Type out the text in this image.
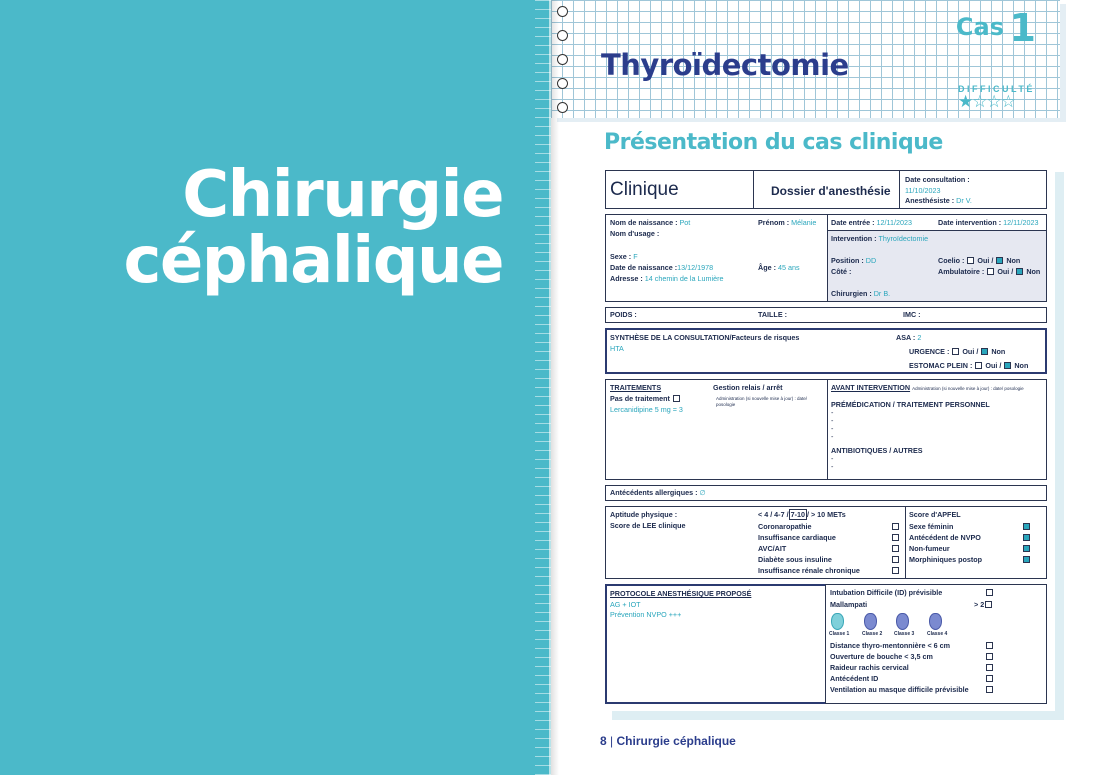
Chirurgie
céphalique
Cas 1
Thyroïdectomie
DIFFICULTÉ
★☆☆☆
Présentation du cas clinique
Clinique	Dossier d'anesthésie
Date consultation :
11/10/2023
Anesthésiste : Dr V.
Nom de naissance : Pot	Prénom : Mélanie
Nom d'usage :
Sexe : F
Date de naissance :13/12/1978	Âge : 45 ans
Adresse : 14 chemin de la Lumière
Date entrée : 12/11/2023	Date intervention : 12/11/2023
Intervention : Thyroïdectomie
Position : DD
Côté :
Coelio : Oui / Non
Ambulatoire : Oui / Non
Chirurgien : Dr B.
POIDS :	TAILLE :	IMC :
SYNTHÈSE DE LA CONSULTATION/Facteurs de risques
HTA
ASA : 2
URGENCE : Oui / Non
ESTOMAC PLEIN : Oui / Non
TRAITEMENTS	Gestion relais / arrêt
Pas de traitement
Lercanidipine 5 mg = 3
Administration (si nouvelle mise à jour) : date/ posologie
AVANT INTERVENTION Administration (si nouvelle mise à jour) : date/ posologie
PRÉMÉDICATION / TRAITEMENT PERSONNEL
-
-
-
-
ANTIBIOTIQUES / AUTRES
-
-
Antécédents allergiques : ∅
Aptitude physique :
Score de LEE clinique
< 4 / 4-7 / 7-10 / > 10 METs
Coronaropathie
Insuffisance cardiaque
AVC/AIT
Diabète sous insuline
Insuffisance rénale chronique
Score d'APFEL
Sexe féminin
Antécédent de NVPO
Non-fumeur
Morphiniques postop
PROTOCOLE ANESTHÉSIQUE PROPOSÉ
AG + IOT
Prévention NVPO +++
Intubation Difficile (ID) prévisible
Mallampati	> 2
Classe 1	Classe 2 Classe 3	Classe 4
Distance thyro-mentonnière < 6 cm
Ouverture de bouche < 3,5 cm
Raideur rachis cervical
Antécédent ID
Ventilation au masque difficile prévisible
8 | Chirurgie céphalique
